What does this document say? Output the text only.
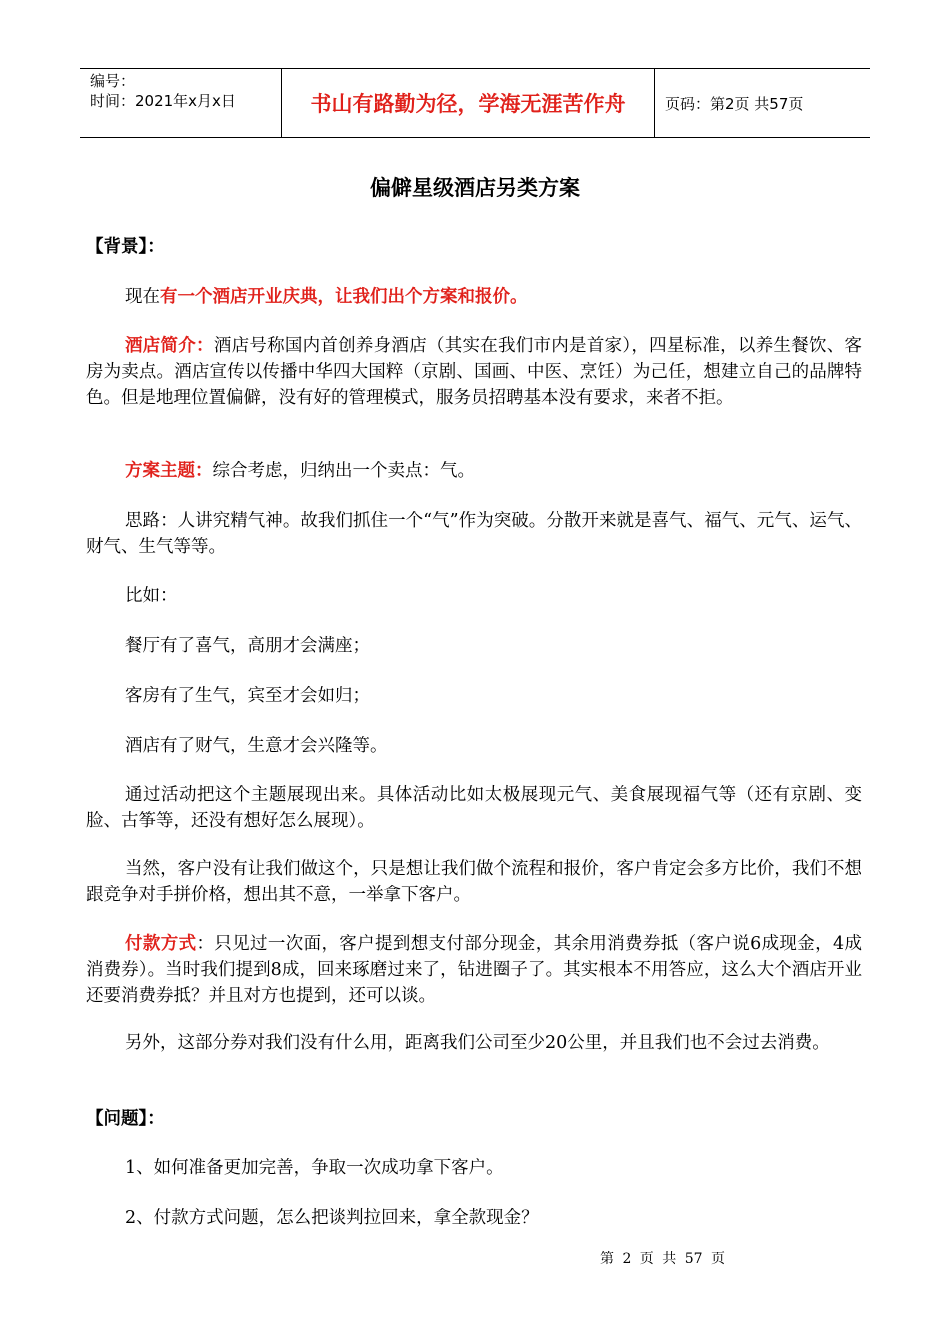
编号：
时间：2021年x月x日	书山有路勤为径，学海无涯苦作舟	页码：第2页 共57页
偏僻星级酒店另类方案
【背景】：
现在有一个酒店开业庆典，让我们出个方案和报价。
酒店简介：酒店号称国内首创养身酒店（其实在我们市内是首家），四星标准，以养生餐饮、客房为卖点。酒店宣传以传播中华四大国粹（京剧、国画、中医、烹饪）为己任，想建立自己的品牌特色。但是地理位置偏僻，没有好的管理模式，服务员招聘基本没有要求，来者不拒。
方案主题：综合考虑，归纳出一个卖点：气。
思路：人讲究精气神。故我们抓住一个“气”作为突破。分散开来就是喜气、福气、元气、运气、财气、生气等等。
比如：
餐厅有了喜气，高朋才会满座；
客房有了生气，宾至才会如归；
酒店有了财气，生意才会兴隆等。
通过活动把这个主题展现出来。具体活动比如太极展现元气、美食展现福气等（还有京剧、变脸、古筝等，还没有想好怎么展现）。
当然，客户没有让我们做这个，只是想让我们做个流程和报价，客户肯定会多方比价，我们不想跟竞争对手拼价格，想出其不意，一举拿下客户。
付款方式：只见过一次面，客户提到想支付部分现金，其余用消费券抵（客户说6成现金，4成消费券）。当时我们提到8成，回来琢磨过来了，钻进圈子了。其实根本不用答应，这么大个酒店开业还要消费券抵？并且对方也提到，还可以谈。
另外，这部分券对我们没有什么用，距离我们公司至少20公里，并且我们也不会过去消费。
【问题】：
1、如何准备更加完善，争取一次成功拿下客户。
2、付款方式问题，怎么把谈判拉回来，拿全款现金？
第 2 页 共 57 页
